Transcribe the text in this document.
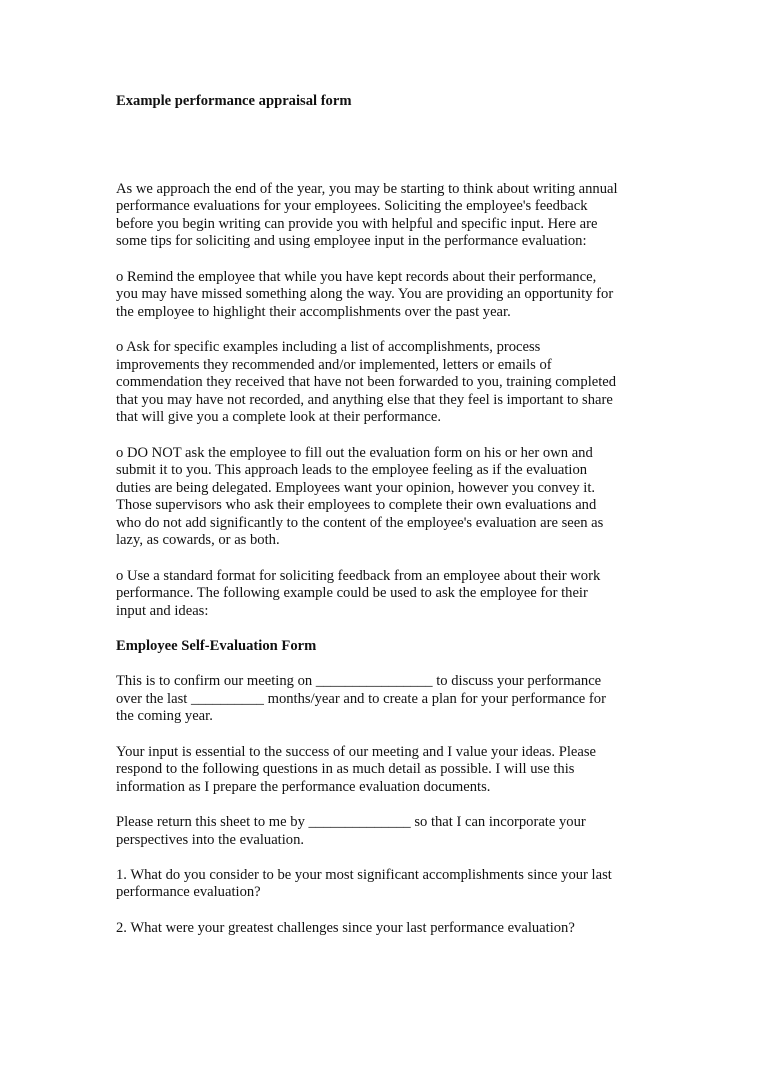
Example performance appraisal form
As we approach the end of the year, you may be starting to think about writing annual
performance evaluations for your employees. Soliciting the employee's feedback
before you begin writing can provide you with helpful and specific input. Here are
some tips for soliciting and using employee input in the performance evaluation:
o Remind the employee that while you have kept records about their performance,
you may have missed something along the way. You are providing an opportunity for
the employee to highlight their accomplishments over the past year.
o Ask for specific examples including a list of accomplishments, process
improvements they recommended and/or implemented, letters or emails of
commendation they received that have not been forwarded to you, training completed
that you may have not recorded, and anything else that they feel is important to share
that will give you a complete look at their performance.
o DO NOT ask the employee to fill out the evaluation form on his or her own and
submit it to you. This approach leads to the employee feeling as if the evaluation
duties are being delegated. Employees want your opinion, however you convey it.
Those supervisors who ask their employees to complete their own evaluations and
who do not add significantly to the content of the employee's evaluation are seen as
lazy, as cowards, or as both.
o Use a standard format for soliciting feedback from an employee about their work
performance. The following example could be used to ask the employee for their
input and ideas:
Employee Self-Evaluation Form
This is to confirm our meeting on ________________ to discuss your performance
over the last __________ months/year and to create a plan for your performance for
the coming year.
Your input is essential to the success of our meeting and I value your ideas. Please
respond to the following questions in as much detail as possible. I will use this
information as I prepare the performance evaluation documents.
Please return this sheet to me by ______________ so that I can incorporate your
perspectives into the evaluation.
1. What do you consider to be your most significant accomplishments since your last
performance evaluation?
2. What were your greatest challenges since your last performance evaluation?
